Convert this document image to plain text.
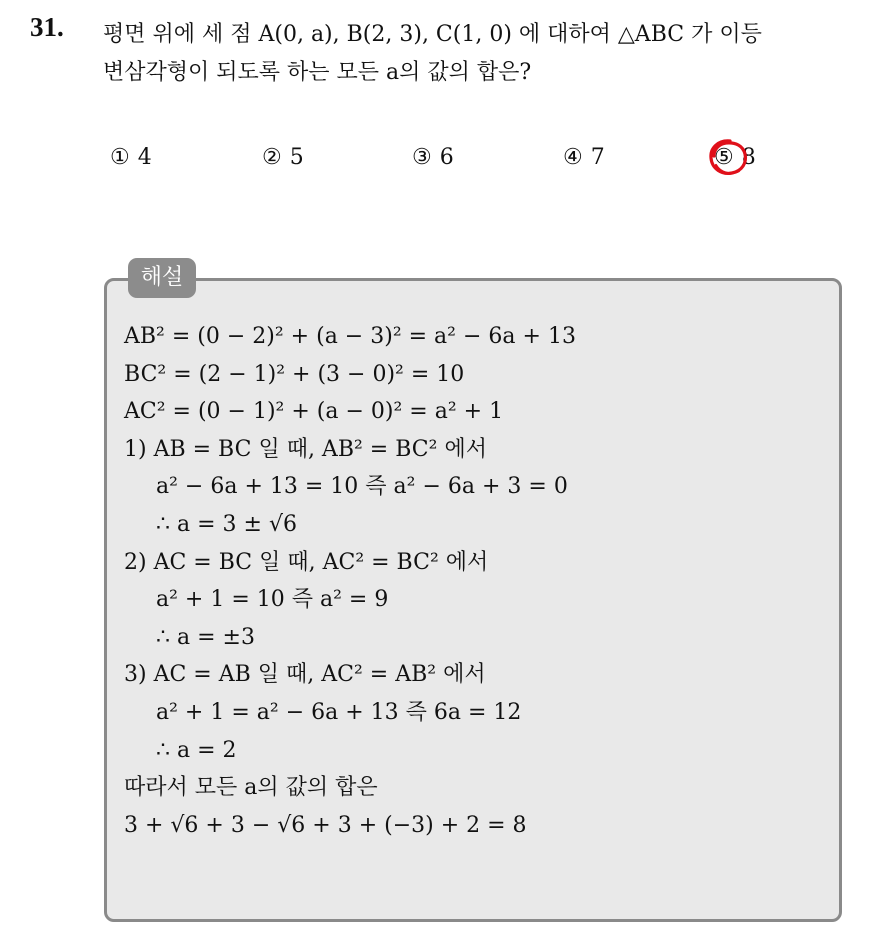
31. 평면 위에 세 점 A(0, a), B(2, 3), C(1, 0) 에 대하여 △ABC 가 이등
변삼각형이 되도록 하는 모든 a의 값의 합은?
① 4	② 5	③ 6	④ 7	⑤ 8
해설
AB² = (0 − 2)² + (a − 3)² = a² − 6a + 13
BC² = (2 − 1)² + (3 − 0)² = 10
AC² = (0 − 1)² + (a − 0)² = a² + 1
1) AB = BC 일 때, AB² = BC² 에서
a² − 6a + 13 = 10 즉 a² − 6a + 3 = 0
∴ a = 3 ± √6
2) AC = BC 일 때, AC² = BC² 에서
a² + 1 = 10 즉 a² = 9
∴ a = ±3
3) AC = AB 일 때, AC² = AB² 에서
a² + 1 = a² − 6a + 13 즉 6a = 12
∴ a = 2
따라서 모든 a의 값의 합은
3 + √6 + 3 − √6 + 3 + (−3) + 2 = 8
